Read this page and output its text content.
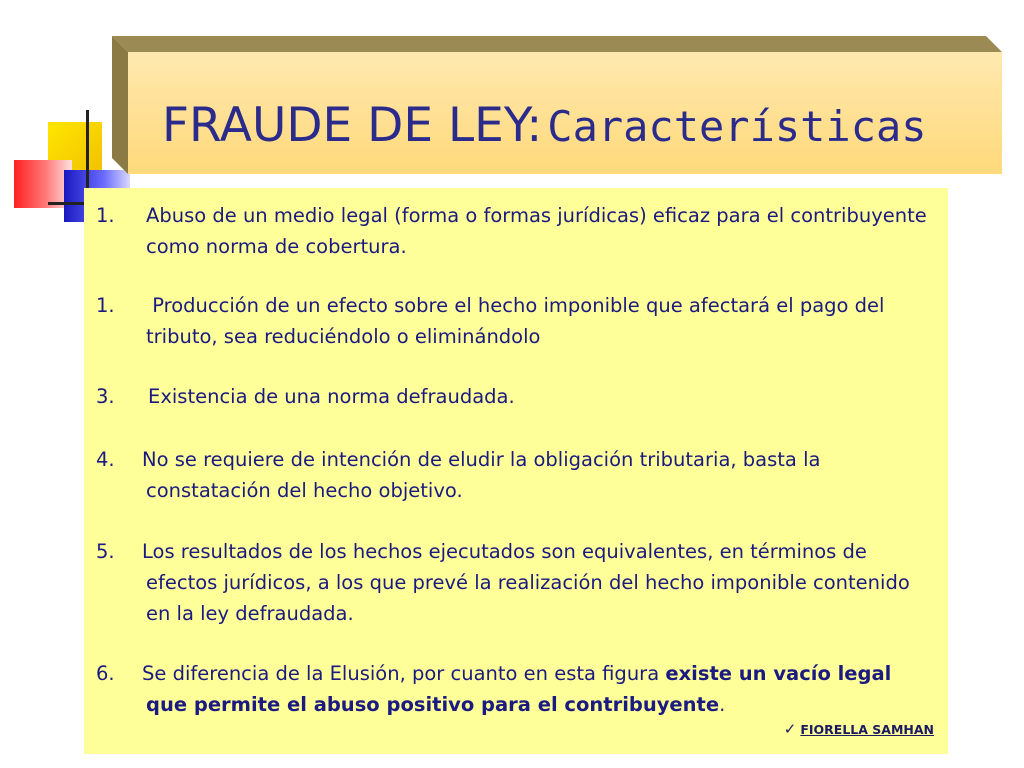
FRAUDE DE LEY: Características
1.	Abuso de un medio legal (forma o formas jurídicas) eficaz para el contribuyente como norma de cobertura.
1.	Producción de un efecto sobre el hecho imponible que afectará el pago del tributo, sea reduciéndolo o eliminándolo
3.	Existencia de una norma defraudada.
4.	No se requiere de intención de eludir la obligación tributaria, basta la constatación del hecho objetivo.
5.	Los resultados de los hechos ejecutados son equivalentes, en términos de efectos jurídicos, a los que prevé la realización del hecho imponible contenido en la ley defraudada.
6.	Se diferencia de la Elusión, por cuanto en esta figura existe un vacío legal que permite el abuso positivo para el contribuyente.
✓ FIORELLA SAMHAN
